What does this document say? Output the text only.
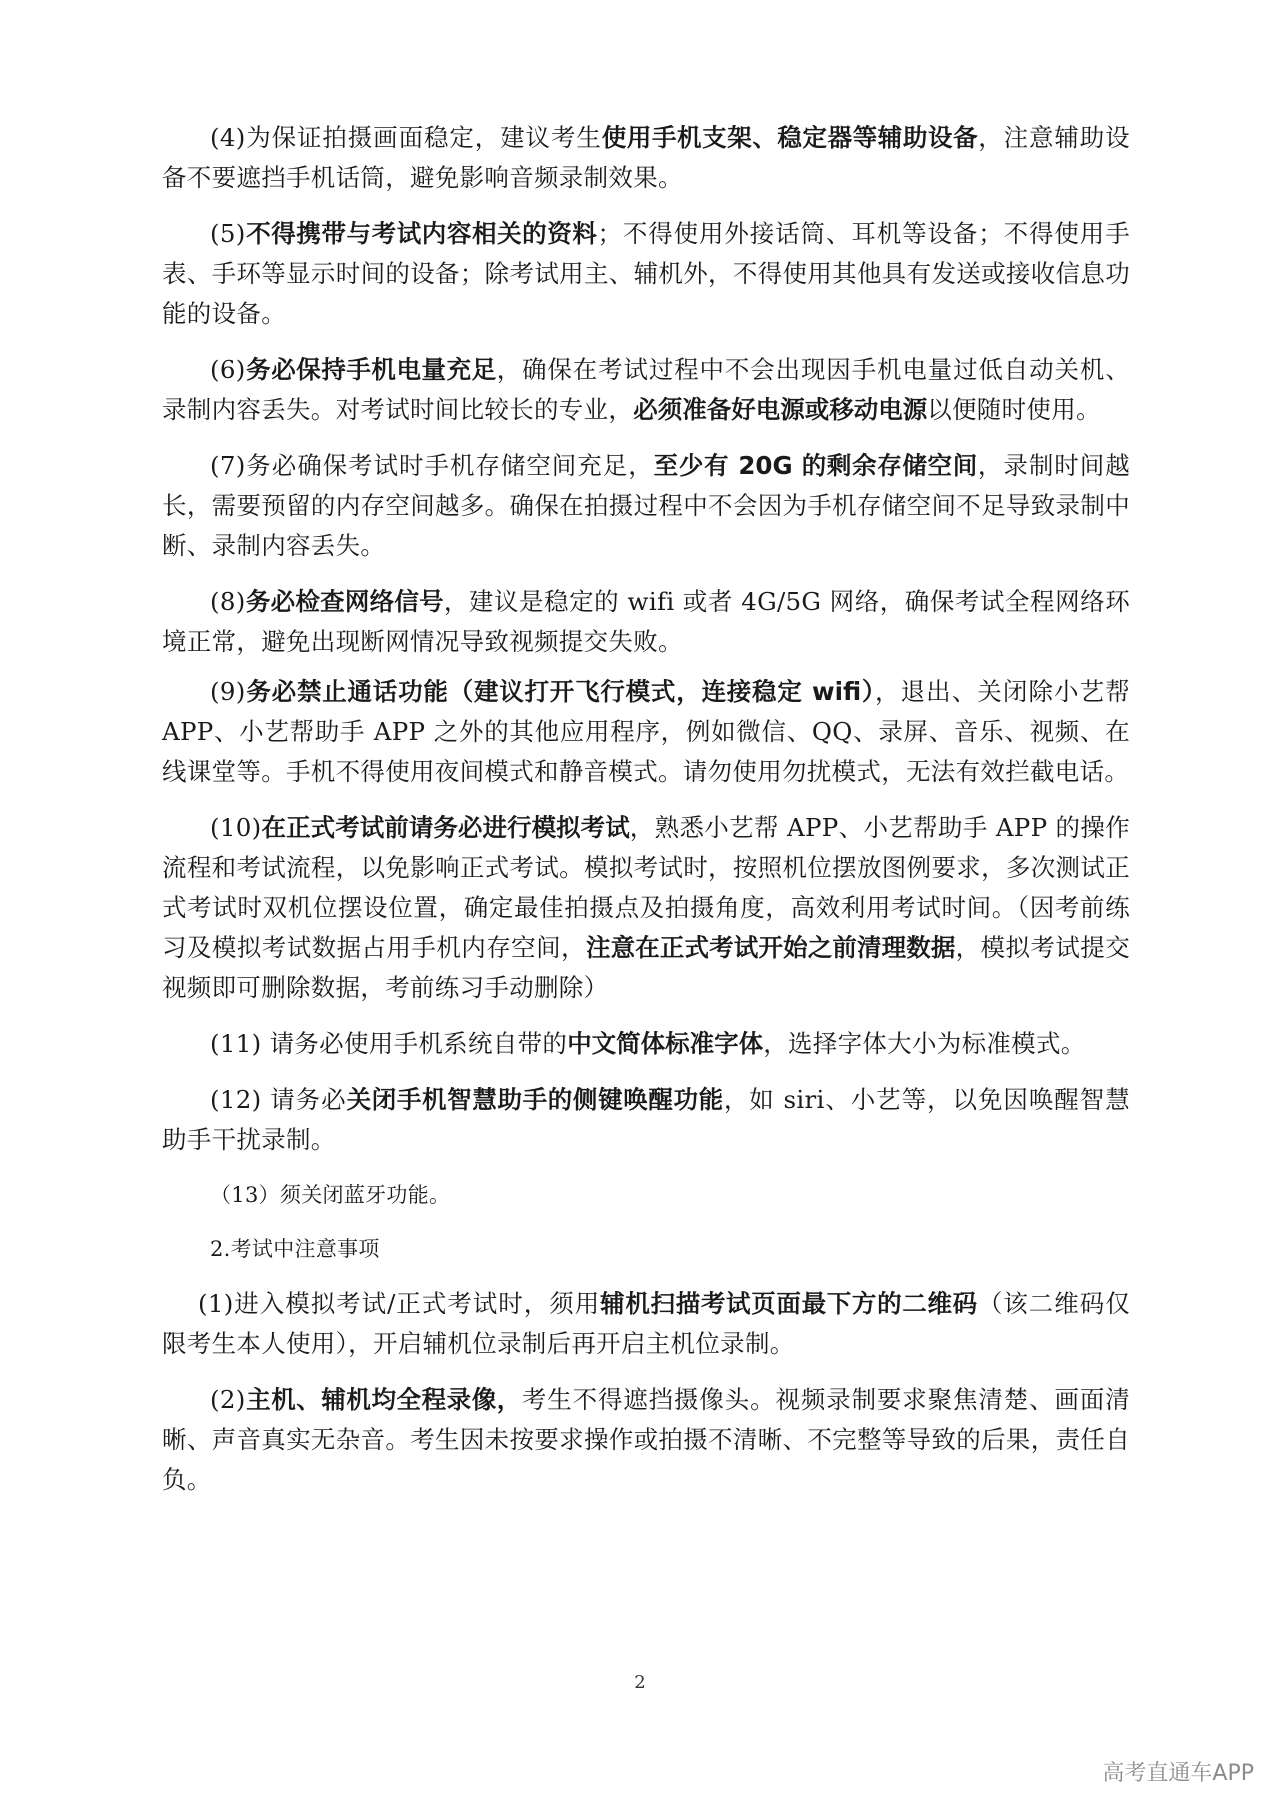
(4)为保证拍摄画面稳定，建议考生使用手机支架、稳定器等辅助设备，注意辅助设备不要遮挡手机话筒，避免影响音频录制效果。

(5)不得携带与考试内容相关的资料；不得使用外接话筒、耳机等设备；不得使用手表、手环等显示时间的设备；除考试用主、辅机外，不得使用其他具有发送或接收信息功能的设备。

(6)务必保持手机电量充足，确保在考试过程中不会出现因手机电量过低自动关机、录制内容丢失。对考试时间比较长的专业，必须准备好电源或移动电源以便随时使用。

(7)务必确保考试时手机存储空间充足，至少有 20G 的剩余存储空间，录制时间越长，需要预留的内存空间越多。确保在拍摄过程中不会因为手机存储空间不足导致录制中断、录制内容丢失。

(8)务必检查网络信号，建议是稳定的 wifi 或者 4G/5G 网络，确保考试全程网络环境正常，避免出现断网情况导致视频提交失败。

(9)务必禁止通话功能（建议打开飞行模式，连接稳定 wifi），退出、关闭除小艺帮 APP、小艺帮助手 APP 之外的其他应用程序，例如微信、QQ、录屏、音乐、视频、在线课堂等。手机不得使用夜间模式和静音模式。请勿使用勿扰模式，无法有效拦截电话。

(10)在正式考试前请务必进行模拟考试，熟悉小艺帮 APP、小艺帮助手 APP 的操作流程和考试流程，以免影响正式考试。模拟考试时，按照机位摆放图例要求，多次测试正式考试时双机位摆设位置，确定最佳拍摄点及拍摄角度，高效利用考试时间。（因考前练习及模拟考试数据占用手机内存空间，注意在正式考试开始之前清理数据，模拟考试提交视频即可删除数据，考前练习手动删除）

(11) 请务必使用手机系统自带的中文简体标准字体，选择字体大小为标准模式。

(12) 请务必关闭手机智慧助手的侧键唤醒功能，如 siri、小艺等，以免因唤醒智慧助手干扰录制。

（13）须关闭蓝牙功能。

2.考试中注意事项

(1)进入模拟考试/正式考试时，须用辅机扫描考试页面最下方的二维码（该二维码仅限考生本人使用），开启辅机位录制后再开启主机位录制。

(2)主机、辅机均全程录像，考生不得遮挡摄像头。视频录制要求聚焦清楚、画面清晰、声音真实无杂音。考生因未按要求操作或拍摄不清晰、不完整等导致的后果，责任自负。

2
高考直通车APP
